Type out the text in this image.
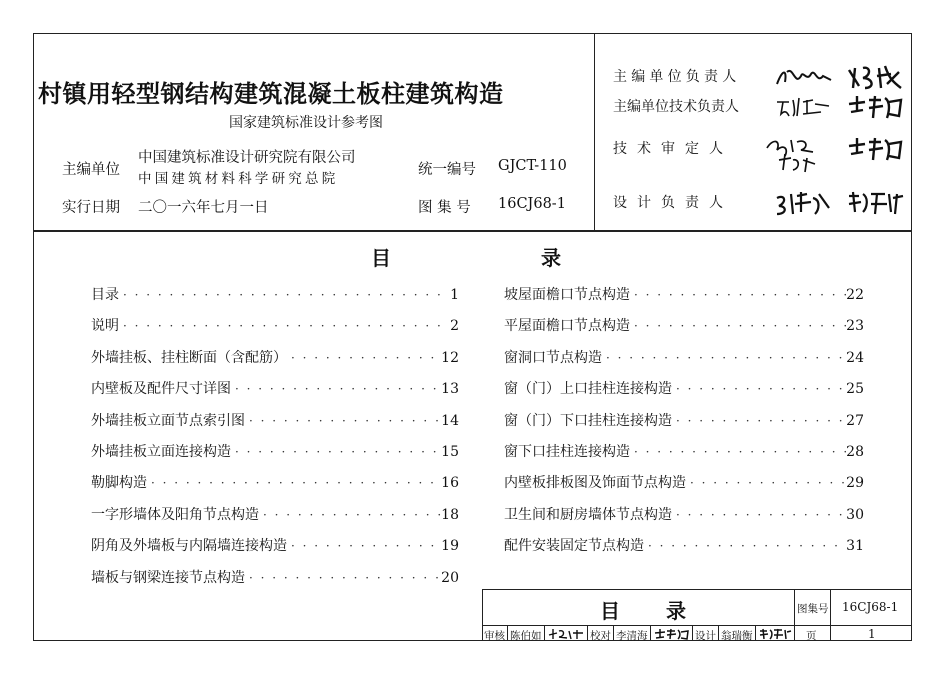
村镇用轻型钢结构建筑混凝土板柱建筑构造
国家建筑标准设计参考图
主编单位
中国建筑标准设计研究院有限公司
中国建筑材料科学研究总院
统一编号 GJCT-110
实行日期 二〇一六年七月一日	图 集 号 16CJ68-1
主编单位负责人
主编单位技术负责人
技术审定人
设计负责人
目	录
目录 · · ·	1
说明 · · ·	2
外墙挂板、挂柱断面（含配筋） · · ·	12
内壁板及配件尺寸详图 · · ·	13
外墙挂板立面节点索引图 · · ·	14
外墙挂板立面连接构造 · · ·	15
勒脚构造 · · ·	16
一字形墙体及阳角节点构造 · · ·	18
阴角及外墙板与内隔墙连接构造 · · ·	19
墙板与钢梁连接节点构造 · · ·	20
坡屋面檐口节点构造 · · ·	22
平屋面檐口节点构造 · · ·	23
窗洞口节点构造 · · ·	24
窗（门）上口挂柱连接构造 · · ·	25
窗（门）下口挂柱连接构造 · · ·	27
窗下口挂柱连接构造 · · ·	28
内壁板排板图及饰面节点构造 · · ·	29
卫生间和厨房墙体节点构造 · · ·	30
配件安装固定节点构造 · · ·	31
目 录	图集号 16CJ68-1
审核 陈伯如	校对 李清海	设计 翁瑞衡	页	1
